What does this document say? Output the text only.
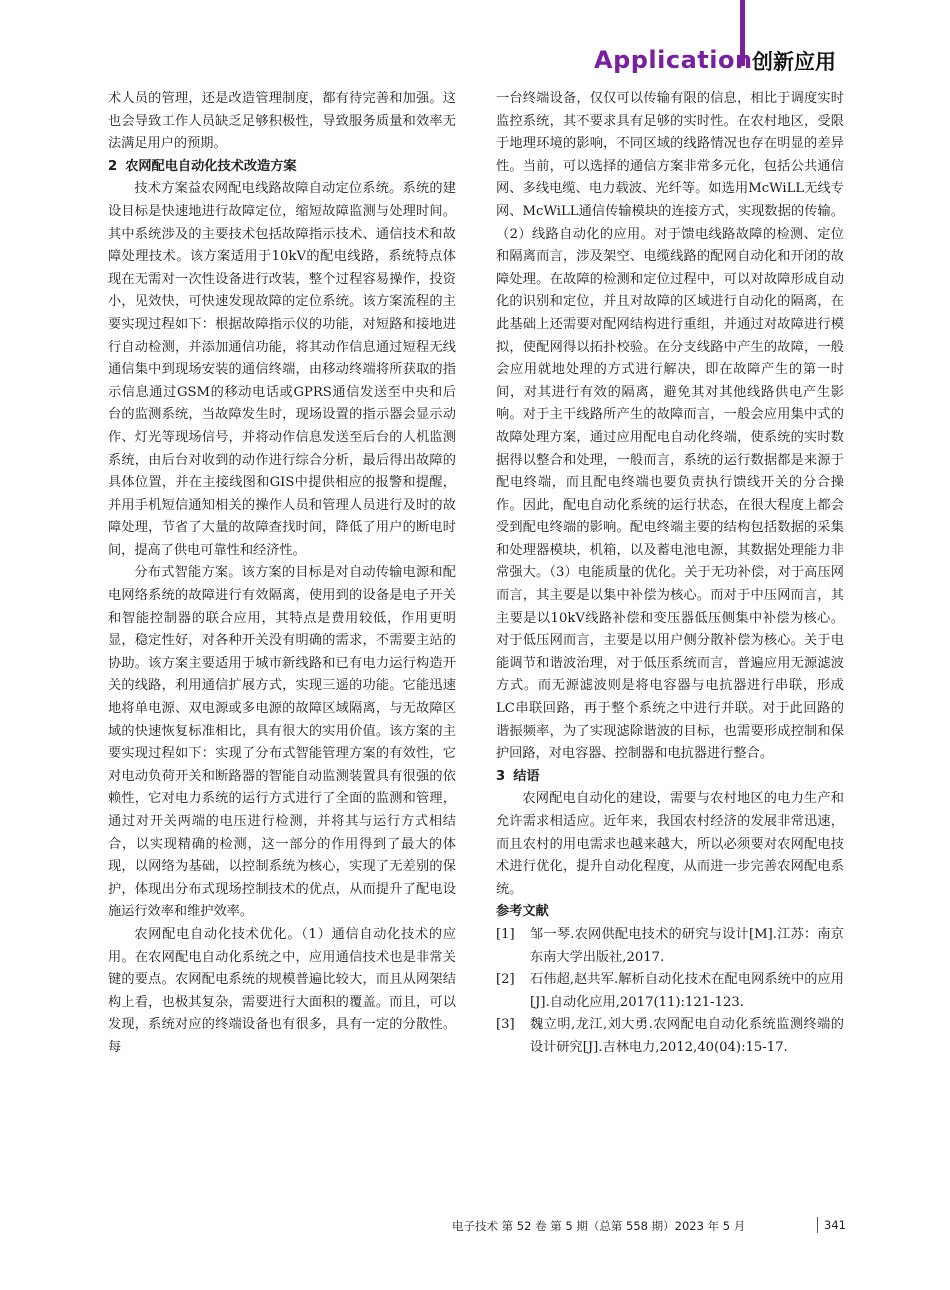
Application 创新应用

术人员的管理，还是改造管理制度，都有待完善和加强。这也会导致工作人员缺乏足够积极性，导致服务质量和效率无法满足用户的预期。

2 农网配电自动化技术改造方案

技术方案益农网配电线路故障自动定位系统。系统的建设目标是快速地进行故障定位，缩短故障监测与处理时间。其中系统涉及的主要技术包括故障指示技术、通信技术和故障处理技术。该方案适用于10kV的配电线路，系统特点体现在无需对一次性设备进行改装，整个过程容易操作，投资小，见效快，可快速发现故障的定位系统。该方案流程的主要实现过程如下：根据故障指示仪的功能，对短路和接地进行自动检测，并添加通信功能，将其动作信息通过短程无线通信集中到现场安装的通信终端，由移动终端将所获取的指示信息通过GSM的移动电话或GPRS通信发送至中央和后台的监测系统，当故障发生时，现场设置的指示器会显示动作、灯光等现场信号，并将动作信息发送至后台的人机监测系统，由后台对收到的动作进行综合分析，最后得出故障的具体位置，并在主接线图和GIS中提供相应的报警和提醒，并用手机短信通知相关的操作人员和管理人员进行及时的故障处理，节省了大量的故障查找时间，降低了用户的断电时间，提高了供电可靠性和经济性。

分布式智能方案。该方案的目标是对自动传输电源和配电网络系统的故障进行有效隔离，使用到的设备是电子开关和智能控制器的联合应用，其特点是费用较低，作用更明显，稳定性好，对各种开关没有明确的需求，不需要主站的协助。该方案主要适用于城市新线路和已有电力运行构造开关的线路，利用通信扩展方式，实现三遥的功能。它能迅速地将单电源、双电源或多电源的故障区域隔离，与无故障区域的快速恢复标准相比，具有很大的实用价值。该方案的主要实现过程如下：实现了分布式智能管理方案的有效性，它对电动负荷开关和断路器的智能自动监测装置具有很强的依赖性，它对电力系统的运行方式进行了全面的监测和管理，通过对开关两端的电压进行检测，并将其与运行方式相结合，以实现精确的检测，这一部分的作用得到了最大的体现，以网络为基础，以控制系统为核心，实现了无差别的保护，体现出分布式现场控制技术的优点，从而提升了配电设施运行效率和维护效率。

农网配电自动化技术优化。（1）通信自动化技术的应用。在农网配电自动化系统之中，应用通信技术也是非常关键的要点。农网配电系统的规模普遍比较大，而且从网架结构上看，也极其复杂，需要进行大面积的覆盖。而且，可以发现，系统对应的终端设备也有很多，具有一定的分散性。每

一台终端设备，仅仅可以传输有限的信息，相比于调度实时监控系统，其不要求具有足够的实时性。在农村地区，受限于地理环境的影响，不同区域的线路情况也存在明显的差异性。当前，可以选择的通信方案非常多元化，包括公共通信网、多线电缆、电力载波、光纤等。如选用McWiLL无线专网、McWiLL通信传输模块的连接方式，实现数据的传输。（2）线路自动化的应用。对于馈电线路故障的检测、定位和隔离而言，涉及架空、电缆线路的配网自动化和开闭的故障处理。在故障的检测和定位过程中，可以对故障形成自动化的识别和定位，并且对故障的区域进行自动化的隔离，在此基础上还需要对配网结构进行重组，并通过对故障进行模拟，使配网得以拓扑校验。在分支线路中产生的故障，一般会应用就地处理的方式进行解决，即在故障产生的第一时间，对其进行有效的隔离，避免其对其他线路供电产生影响。对于主干线路所产生的故障而言，一般会应用集中式的故障处理方案，通过应用配电自动化终端，使系统的实时数据得以整合和处理，一般而言，系统的运行数据都是来源于配电终端，而且配电终端也要负责执行馈线开关的分合操作。因此，配电自动化系统的运行状态，在很大程度上都会受到配电终端的影响。配电终端主要的结构包括数据的采集和处理器模块，机箱，以及蓄电池电源，其数据处理能力非常强大。（3）电能质量的优化。关于无功补偿，对于高压网而言，其主要是以集中补偿为核心。而对于中压网而言，其主要是以10kV线路补偿和变压器低压侧集中补偿为核心。对于低压网而言，主要是以用户侧分散补偿为核心。关于电能调节和谐波治理，对于低压系统而言，普遍应用无源滤波方式。而无源滤波则是将电容器与电抗器进行串联，形成LC串联回路，再于整个系统之中进行并联。对于此回路的谐振频率，为了实现滤除谐波的目标，也需要形成控制和保护回路，对电容器、控制器和电抗器进行整合。

3 结语

农网配电自动化的建设，需要与农村地区的电力生产和允许需求相适应。近年来，我国农村经济的发展非常迅速，而且农村的用电需求也越来越大，所以必须要对农网配电技术进行优化，提升自动化程度，从而进一步完善农网配电系统。

参考文献
[1]	邹一琴.农网供配电技术的研究与设计[M].江苏：南京东南大学出版社,2017.
[2]	石伟超,赵共军.解析自动化技术在配电网系统中的应用[J].自动化应用,2017(11):121-123.
[3]	魏立明,龙江,刘大勇.农网配电自动化系统监测终端的设计研究[J].吉林电力,2012,40(04):15-17.
电子技术 第 52 卷 第 5 期（总第 558 期）2023 年 5 月	341
